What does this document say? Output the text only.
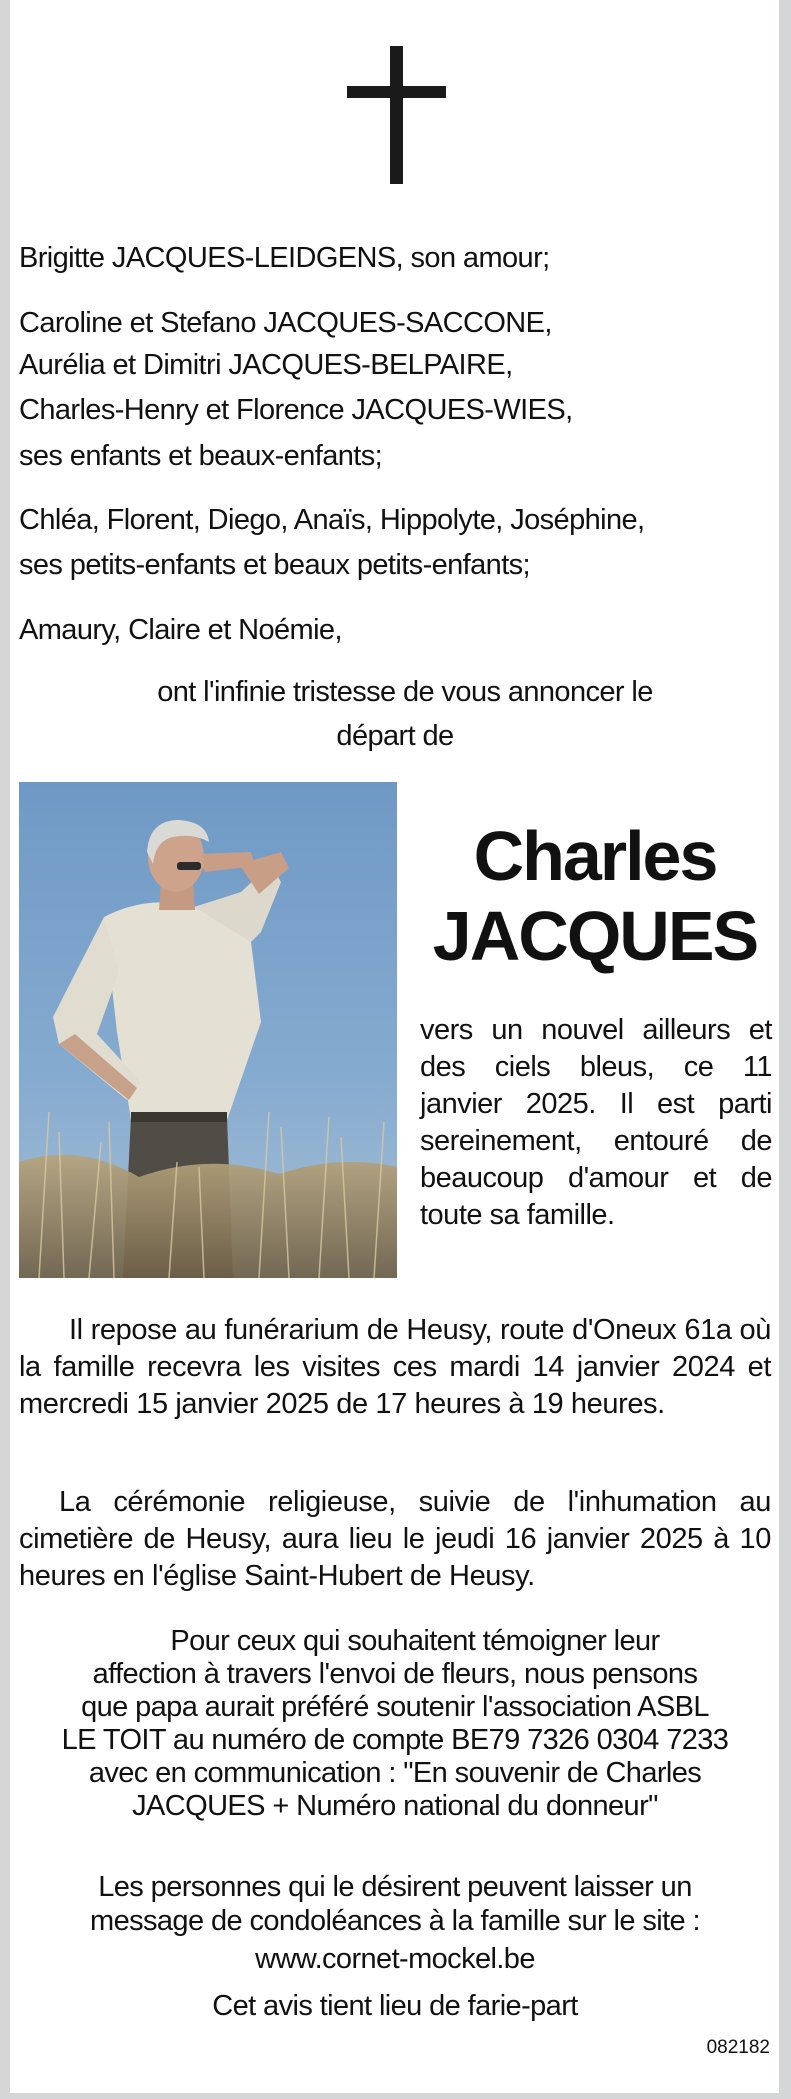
Brigitte JACQUES-LEIDGENS, son amour;
Caroline et Stefano JACQUES-SACCONE,
Aurélia et Dimitri JACQUES-BELPAIRE,
Charles-Henry et Florence JACQUES-WIES,
ses enfants et beaux-enfants;
Chléa, Florent, Diego, Anaïs, Hippolyte, Joséphine,
ses petits-enfants et beaux petits-enfants;
Amaury, Claire et Noémie,
ont l'infinie tristesse de vous annoncer le
départ de
Charles
JACQUES
vers un nouvel ailleurs et des ciels bleus, ce 11 janvier 2025. Il est parti sereinement, entouré de beaucoup d'amour et de toute sa famille.
Il repose au funérarium de Heusy, route d'Oneux 61a où la famille recevra les visites ces mardi 14 janvier 2024 et mercredi 15 janvier 2025 de 17 heures à 19 heures.
La cérémonie religieuse, suivie de l'inhumation au cimetière de Heusy, aura lieu le jeudi 16 janvier 2025 à 10 heures en l'église Saint-Hubert de Heusy.
Pour ceux qui souhaitent témoigner leur
affection à travers l'envoi de fleurs, nous pensons
que papa aurait préféré soutenir l'association ASBL
LE TOIT au numéro de compte BE79 7326 0304 7233
avec en communication : "En souvenir de Charles
JACQUES + Numéro national du donneur"
Les personnes qui le désirent peuvent laisser un
message de condoléances à la famille sur le site :
www.cornet-mockel.be
Cet avis tient lieu de farie-part
082182
